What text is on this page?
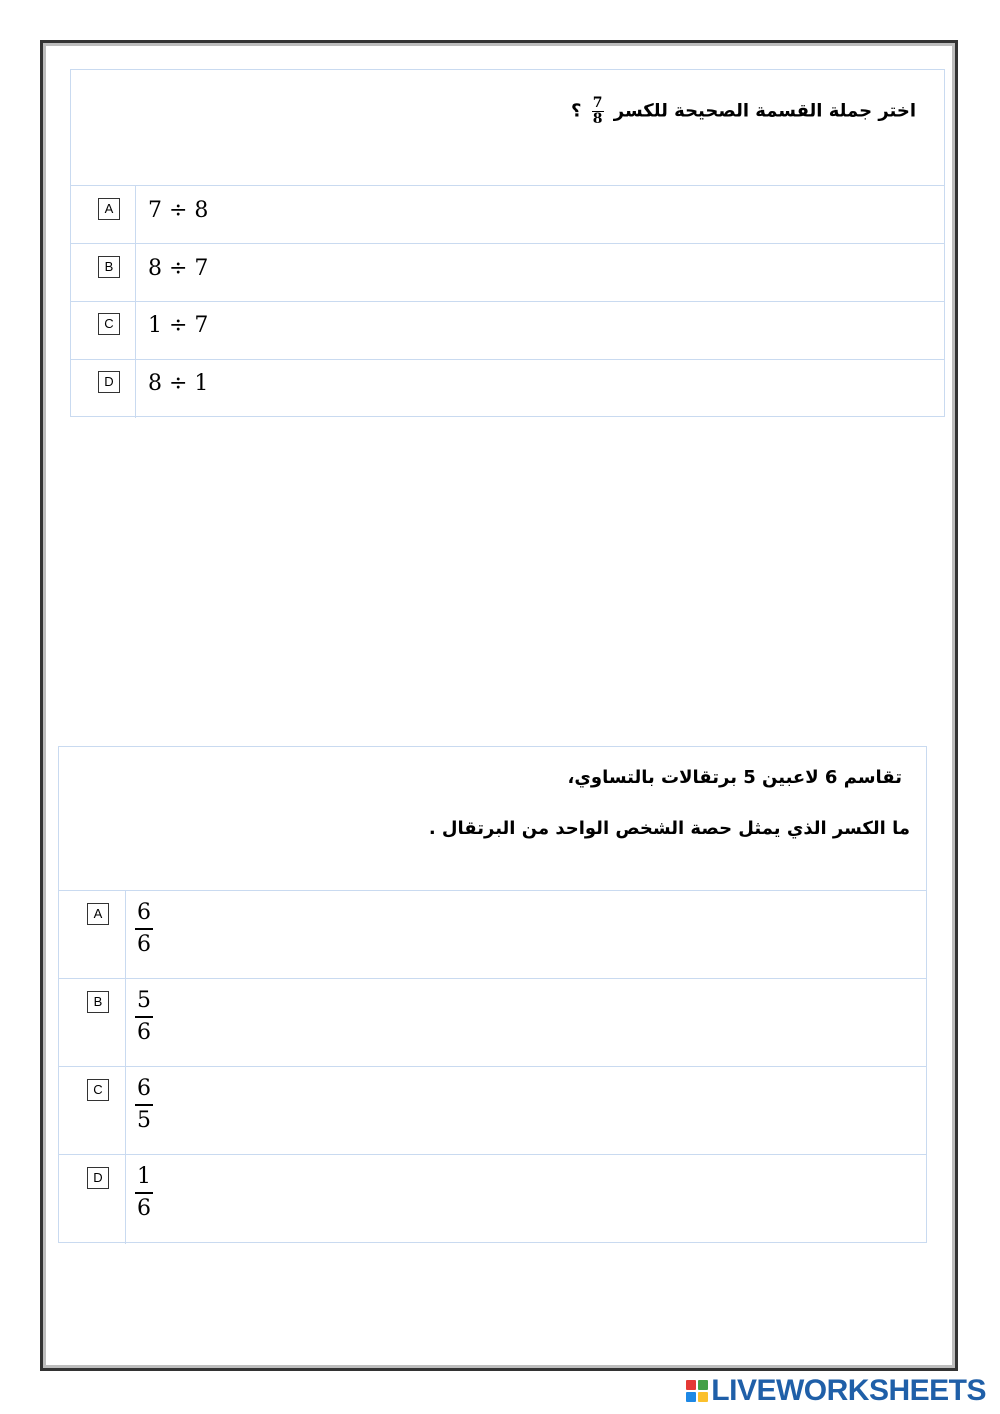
اختر جملة القسمة الصحيحة للكسر
$\frac{7}{8}$
؟
A	7 ÷ 8
B	8 ÷ 7
C 1 ÷ 7
D 8 ÷ 1
تقاسم 6 لاعبين 5 برتقالات بالتساوي،
ما الكسر الذي يمثل حصة الشخص الواحد من البرتقال .
A	$\frac{6}{6}$
B	$\frac{5}{6}$
C $\frac{6}{5}$
D $\frac{1}{6}$
LIVEWORKSHEETS
